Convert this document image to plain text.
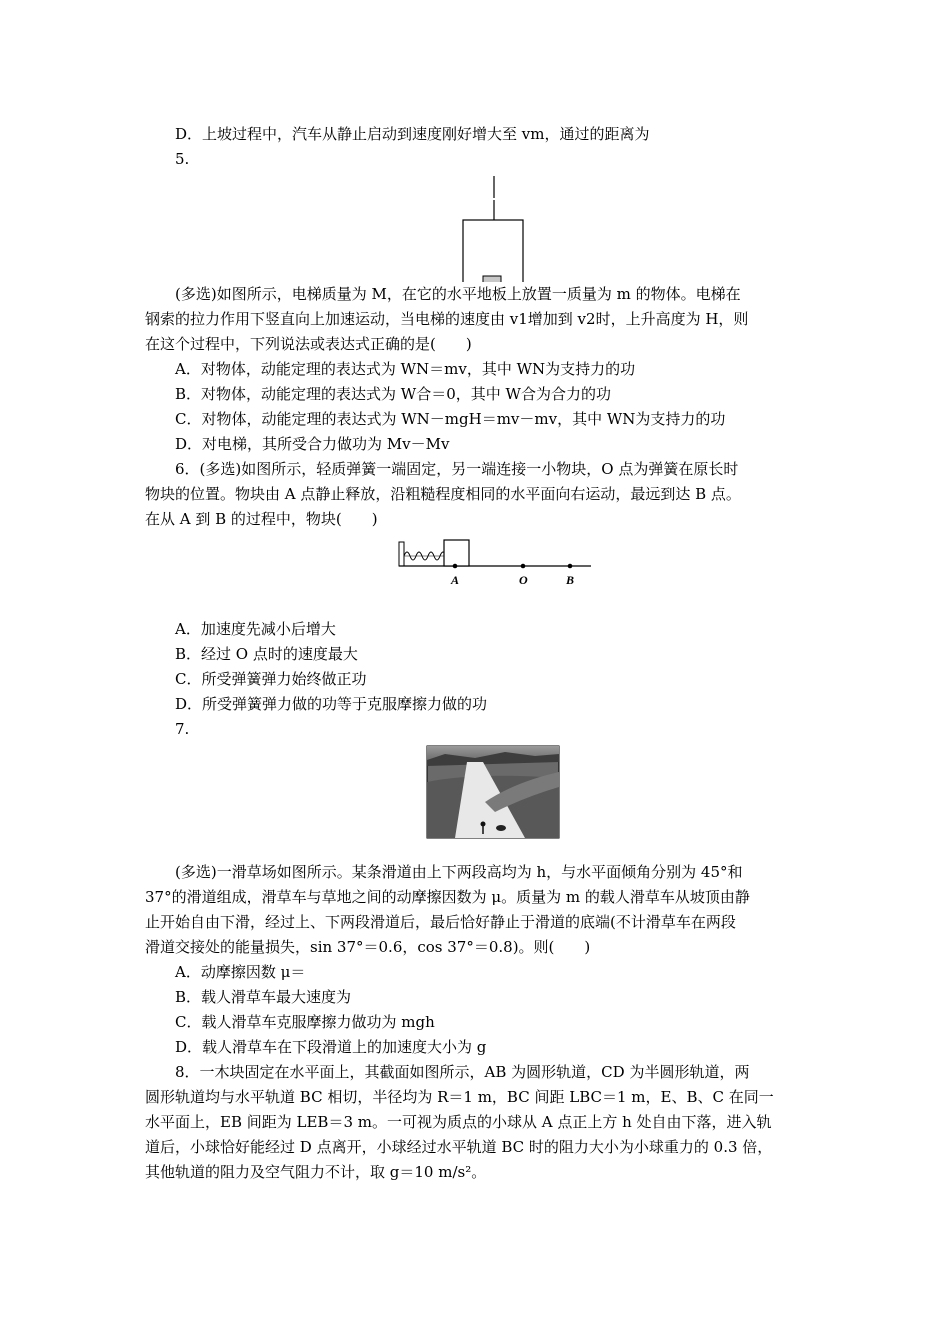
D．上坡过程中，汽车从静止启动到速度刚好增大至 vm，通过的距离为
5.
(多选)如图所示，电梯质量为 M，在它的水平地板上放置一质量为 m 的物体。电梯在
钢索的拉力作用下竖直向上加速运动，当电梯的速度由 v1增加到 v2时，上升高度为 H，则
在这个过程中，下列说法或表达式正确的是(　　)
A．对物体，动能定理的表达式为 WN＝mv，其中 WN为支持力的功
B．对物体，动能定理的表达式为 W合＝0，其中 W合为合力的功
C．对物体，动能定理的表达式为 WN－mgH＝mv－mv，其中 WN为支持力的功
D．对电梯，其所受合力做功为 Mv－Mv
6．(多选)如图所示，轻质弹簧一端固定，另一端连接一小物块，O 点为弹簧在原长时
物块的位置。物块由 A 点静止释放，沿粗糙程度相同的水平面向右运动，最远到达 B 点。
在从 A 到 B 的过程中，物块(　　)
A	O	B
A．加速度先减小后增大
B．经过 O 点时的速度最大
C．所受弹簧弹力始终做正功
D．所受弹簧弹力做的功等于克服摩擦力做的功
7.
(多选)一滑草场如图所示。某条滑道由上下两段高均为 h，与水平面倾角分别为 45°和
37°的滑道组成，滑草车与草地之间的动摩擦因数为 μ。质量为 m 的载人滑草车从坡顶由静
止开始自由下滑，经过上、下两段滑道后，最后恰好静止于滑道的底端(不计滑草车在两段
滑道交接处的能量损失，sin 37°＝0.6，cos 37°＝0.8)。则(　　)
A．动摩擦因数 μ＝
B．载人滑草车最大速度为
C．载人滑草车克服摩擦力做功为 mgh
D．载人滑草车在下段滑道上的加速度大小为 g
8．一木块固定在水平面上，其截面如图所示，AB 为圆形轨道，CD 为半圆形轨道，两
圆形轨道均与水平轨道 BC 相切，半径均为 R＝1 m，BC 间距 LBC＝1 m，E、B、C 在同一
水平面上，EB 间距为 LEB＝3 m。一可视为质点的小球从 A 点正上方 h 处自由下落，进入轨
道后，小球恰好能经过 D 点离开，小球经过水平轨道 BC 时的阻力大小为小球重力的 0.3 倍，
其他轨道的阻力及空气阻力不计，取 g＝10 m/s²。
